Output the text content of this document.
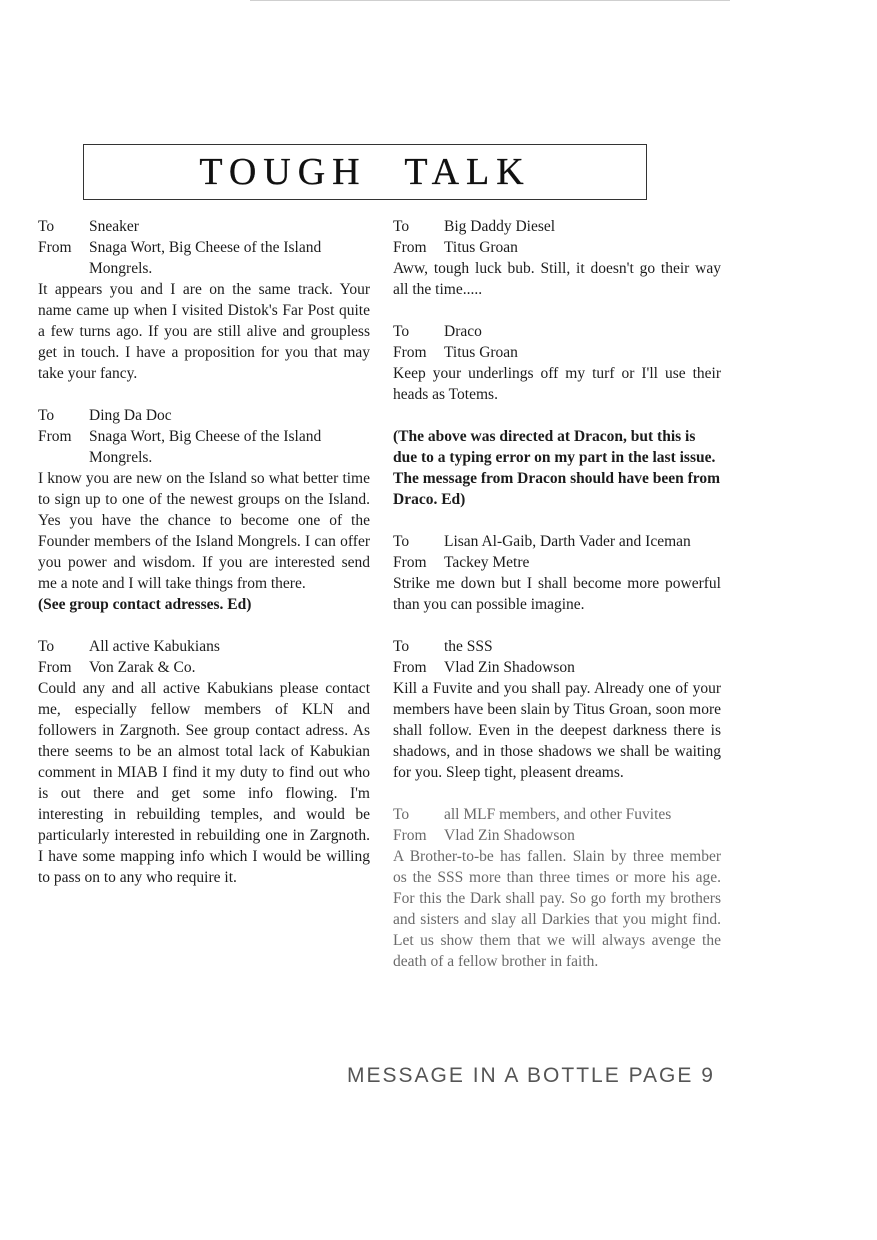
TOUGH TALK
To	Sneaker
From	Snaga Wort, Big Cheese of the Island Mongrels.

It appears you and I are on the same track. Your name came up when I visited Distok's Far Post quite a few turns ago. If you are still alive and groupless get in touch. I have a proposition for you that may take your fancy.

To	Ding Da Doc
From	Snaga Wort, Big Cheese of the Island Mongrels.

I know you are new on the Island so what better time to sign up to one of the newest groups on the Island. Yes you have the chance to become one of the Founder members of the Island Mongrels. I can offer you power and wisdom. If you are interested send me a note and I will take things from there.

(See group contact adresses. Ed)
To	All active Kabukians
From	Von Zarak & Co.

Could any and all active Kabukians please contact me, especially fellow members of KLN and followers in Zargnoth. See group contact adress. As there seems to be an almost total lack of Kabukian comment in MIAB I find it my duty to find out who is out there and get some info flowing. I'm interesting in rebuilding temples, and would be particularly interested in rebuilding one in Zargnoth. I have some mapping info which I would be willing to pass on to any who require it.

To	Big Daddy Diesel
From	Titus Groan

Aww, tough luck bub. Still, it doesn't go their way all the time.....

To	Draco
From	Titus Groan

Keep your underlings off my turf or I'll use their heads as Totems.

(The above was directed at Dracon, but this is due to a typing error on my part in the last issue. The message from Dracon should have been from Draco. Ed)
To	Lisan Al-Gaib, Darth Vader and Iceman
From	Tackey Metre

Strike me down but I shall become more powerful than you can possible imagine.

To	the SSS
From	Vlad Zin Shadowson

Kill a Fuvite and you shall pay. Already one of your members have been slain by Titus Groan, soon more shall follow. Even in the deepest darkness there is shadows, and in those shadows we shall be waiting for you. Sleep tight, pleasent dreams.

To	all MLF members, and other Fuvites
From	Vlad Zin Shadowson

A Brother-to-be has fallen. Slain by three member os the SSS more than three times or more his age. For this the Dark shall pay. So go forth my brothers and sisters and slay all Darkies that you might find. Let us show them that we will always avenge the death of a fellow brother in faith.

MESSAGE IN A BOTTLE PAGE 9
